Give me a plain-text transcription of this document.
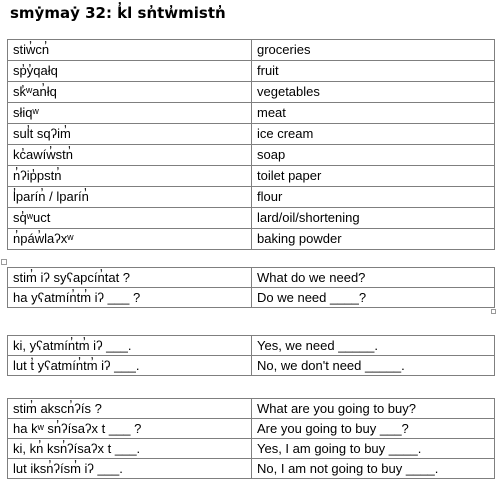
smẏmaẏ 32: k̓l sn̓tw̓mistn̓
stiw̓cn̓	groceries
sp̓y̓qałq	fruit
sk̓ʷan̓łq	vegetables
słiqʷ	meat
sul̓t sqʔim̓	ice cream
kc̓awíw̓stn̓	soap
n̓ʔip̓pstn̓	toilet paper
l̓parín̓ / lparín̓	flour
sq̓ʷuct	lard/oil/shortening
n̓páw̓laʔxʷ	baking powder
stim̓ iʔ syʕapcín̓tat ?	What do we need?
ha yʕatmín̓tm̓ iʔ ___ ?	Do we need ____?
ki, yʕatmín̓tm̓ iʔ ___.	Yes, we need _____.
lut t̓ yʕatmín̓tm̓ iʔ ___.	No, we don't need _____.
stim̓ akscn̓ʔís ?	What are you going to buy?
ha kʷ sn̓ʔísaʔx t ___ ?	Are you going to buy ___?
ki, kn̓ ksn̓ʔísaʔx t ___.	Yes, I am going to buy ____.
lut iksn̓ʔísm̓ iʔ ___.	No, I am not going to buy ____.
